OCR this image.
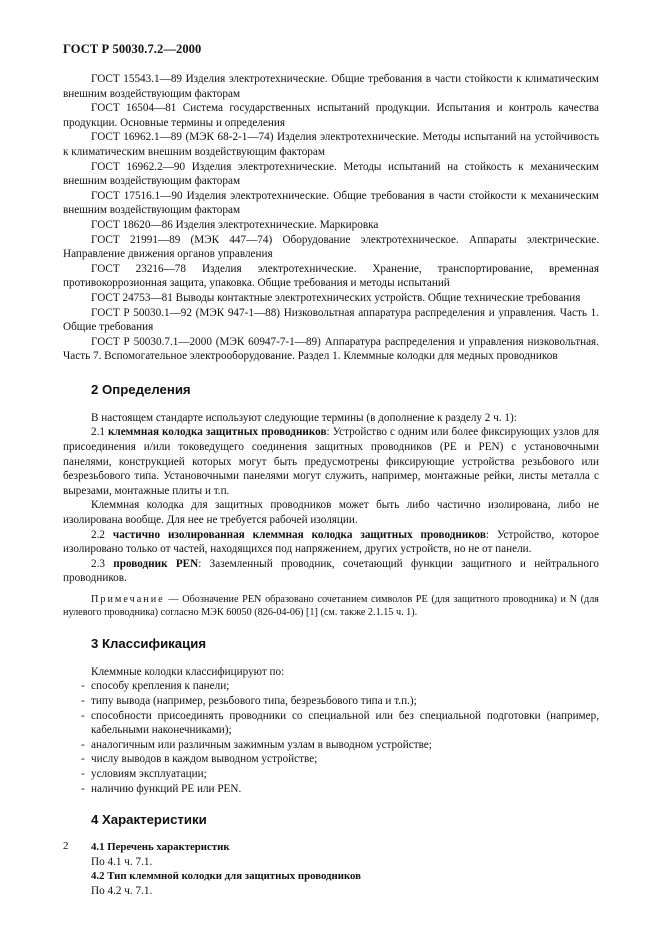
ГОСТ Р 50030.7.2—2000

ГОСТ 15543.1—89 Изделия электротехнические. Общие требования в части стойкости к климатическим внешним воздействующим факторам

ГОСТ 16504—81 Система государственных испытаний продукции. Испытания и контроль качества продукции. Основные термины и определения

ГОСТ 16962.1—89 (МЭК 68-2-1—74) Изделия электротехнические. Методы испытаний на устойчивость к климатическим внешним воздействующим факторам

ГОСТ 16962.2—90 Изделия электротехнические. Методы испытаний на стойкость к механическим внешним воздействующим факторам

ГОСТ 17516.1—90 Изделия электротехнические. Общие требования в части стойкости к механическим внешним воздействующим факторам

ГОСТ 18620—86 Изделия электротехнические. Маркировка

ГОСТ 21991—89 (МЭК 447—74) Оборудование электротехническое. Аппараты электрические. Направление движения органов управления

ГОСТ 23216—78 Изделия электротехнические. Хранение, транспортирование, временная противокоррозионная защита, упаковка. Общие требования и методы испытаний

ГОСТ 24753—81 Выводы контактные электротехнических устройств. Общие технические требования

ГОСТ Р 50030.1—92 (МЭК 947-1—88) Низковольтная аппаратура распределения и управления. Часть 1. Общие требования

ГОСТ Р 50030.7.1—2000 (МЭК 60947-7-1—89) Аппаратура распределения и управления низковольтная. Часть 7. Вспомогательное электрооборудование. Раздел 1. Клеммные колодки для медных проводников

2 Определения

В настоящем стандарте используют следующие термины (в дополнение к разделу 2 ч. 1):

2.1 клеммная колодка защитных проводников: Устройство с одним или более фиксирующих узлов для присоединения и/или токоведущего соединения защитных проводников (PE и PEN) с установочными панелями, конструкцией которых могут быть предусмотрены фиксирующие устройства резьбового или безрезьбового типа. Установочными панелями могут служить, например, монтажные рейки, листы металла с вырезами, монтажные плиты и т.п.

Клеммная колодка для защитных проводников может быть либо частично изолирована, либо не изолирована вообще. Для нее не требуется рабочей изоляции.

2.2 частично изолированная клеммная колодка защитных проводников: Устройство, которое изолировано только от частей, находящихся под напряжением, других устройств, но не от панели.

2.3 проводник PEN: Заземленный проводник, сочетающий функции защитного и нейтрального проводников.

Примечание — Обозначение PEN образовано сочетанием символов PE (для защитного проводника) и N (для нулевого проводника) согласно МЭК 60050 (826-04-06) [1] (см. также 2.1.15 ч. 1).

3 Классификация

Клеммные колодки классифицируют по:

- способу крепления к панели;
- типу вывода (например, резьбового типа, безрезьбового типа и т.п.);
- способности присоединять проводники со специальной или без специальной подготовки (например, кабельными наконечниками);
- аналогичным или различным зажимным узлам в выводном устройстве;
- числу выводов в каждом выводном устройстве;
- условиям эксплуатации;
- наличию функций PE или PEN.
4 Характеристики
4.1 Перечень характеристик

По 4.1 ч. 7.1.

4.2 Тип клеммной колодки для защитных проводников

По 4.2 ч. 7.1.

2
